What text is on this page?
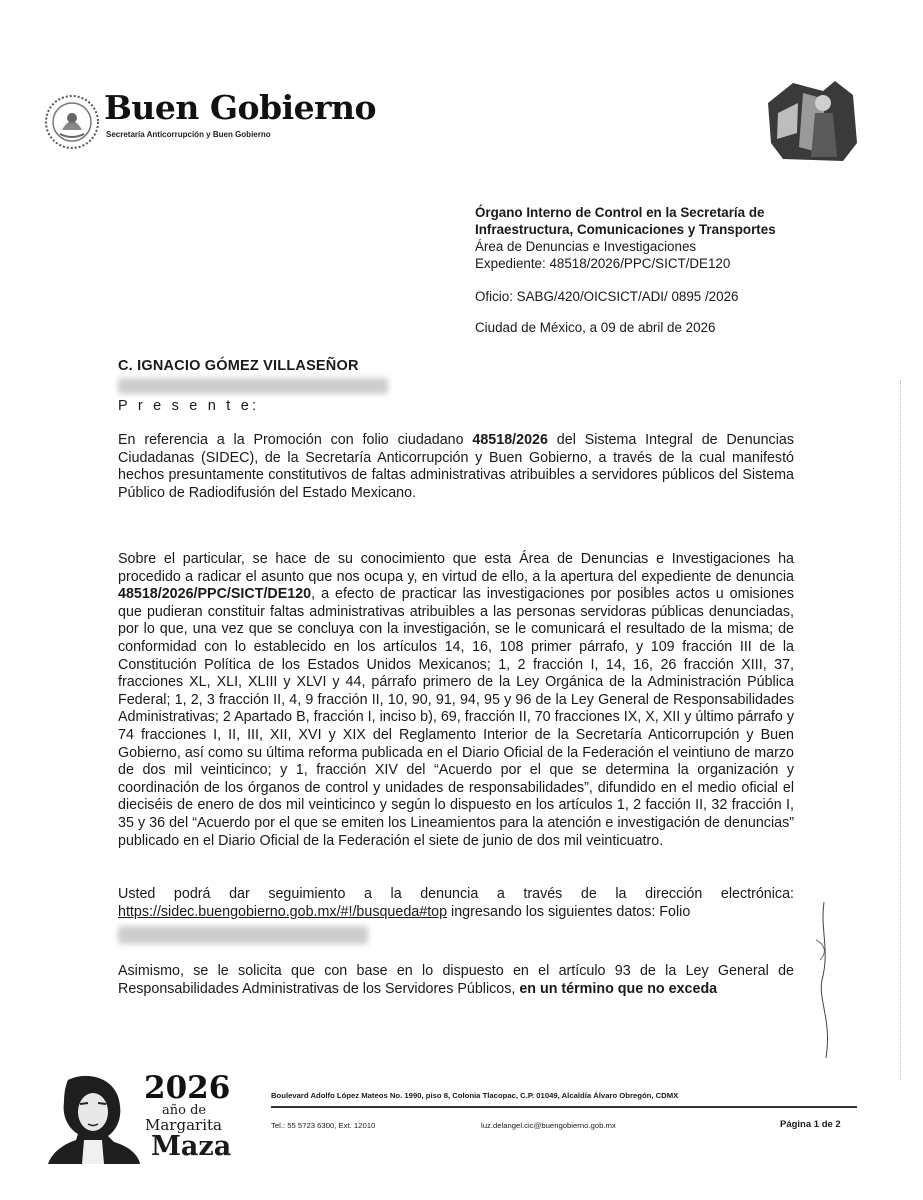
Buen Gobierno
Secretaría Anticorrupción y Buen Gobierno
Órgano Interno de Control en la Secretaría de
Infraestructura, Comunicaciones y Transportes
Área de Denuncias e Investigaciones
Expediente: 48518/2026/PPC/SICT/DE120
Oficio: SABG/420/OICSICT/ADI/ 0895 /2026
Ciudad de México, a 09 de abril de 2026
C. IGNACIO GÓMEZ VILLASEÑOR
P r e s e n t e:
En referencia a la Promoción con folio ciudadano 48518/2026 del Sistema Integral de Denuncias Ciudadanas (SIDEC), de la Secretaría Anticorrupción y Buen Gobierno, a través de la cual manifestó hechos presuntamente constitutivos de faltas administrativas atribuibles a servidores públicos del Sistema Público de Radiodifusión del Estado Mexicano.
Sobre el particular, se hace de su conocimiento que esta Área de Denuncias e Investigaciones ha procedido a radicar el asunto que nos ocupa y, en virtud de ello, a la apertura del expediente de denuncia 48518/2026/PPC/SICT/DE120, a efecto de practicar las investigaciones por posibles actos u omisiones que pudieran constituir faltas administrativas atribuibles a las personas servidoras públicas denunciadas, por lo que, una vez que se concluya con la investigación, se le comunicará el resultado de la misma; de conformidad con lo establecido en los artículos 14, 16, 108 primer párrafo, y 109 fracción III de la Constitución Política de los Estados Unidos Mexicanos; 1, 2 fracción I, 14, 16, 26 fracción XIII, 37, fracciones XL, XLI, XLIII y XLVI y 44, párrafo primero de la Ley Orgánica de la Administración Pública Federal; 1, 2, 3 fracción II, 4, 9 fracción II, 10, 90, 91, 94, 95 y 96 de la Ley General de Responsabilidades Administrativas; 2 Apartado B, fracción I, inciso b), 69, fracción II, 70 fracciones IX, X, XII y último párrafo y 74 fracciones I, II, III, XII, XVI y XIX del Reglamento Interior de la Secretaría Anticorrupción y Buen Gobierno, así como su última reforma publicada en el Diario Oficial de la Federación el veintiuno de marzo de dos mil veinticinco; y 1, fracción XIV del “Acuerdo por el que se determina la organización y coordinación de los órganos de control y unidades de responsabilidades”, difundido en el medio oficial el dieciséis de enero de dos mil veinticinco y según lo dispuesto en los artículos 1, 2 facción II, 32 fracción I, 35 y 36 del “Acuerdo por el que se emiten los Lineamientos para la atención e investigación de denuncias” publicado en el Diario Oficial de la Federación el siete de junio de dos mil veinticuatro.
Usted podrá dar seguimiento a la denuncia a través de la dirección electrónica: https://sidec.buengobierno.gob.mx/#!/busqueda#top ingresando los siguientes datos: Folio
Asimismo, se le solicita que con base en lo dispuesto en el artículo 93 de la Ley General de Responsabilidades Administrativas de los Servidores Públicos, en un término que no exceda
2026
año de
Margarita
Maza
Boulevard Adolfo López Mateos No. 1990, piso 8, Colonia Tlacopac, C.P. 01049, Alcaldía Álvaro Obregón, CDMX
Tel.: 55 5723 6300, Ext. 12010	luz.delangel.cic@buengobierno.gob.mx	Página 1 de 2
